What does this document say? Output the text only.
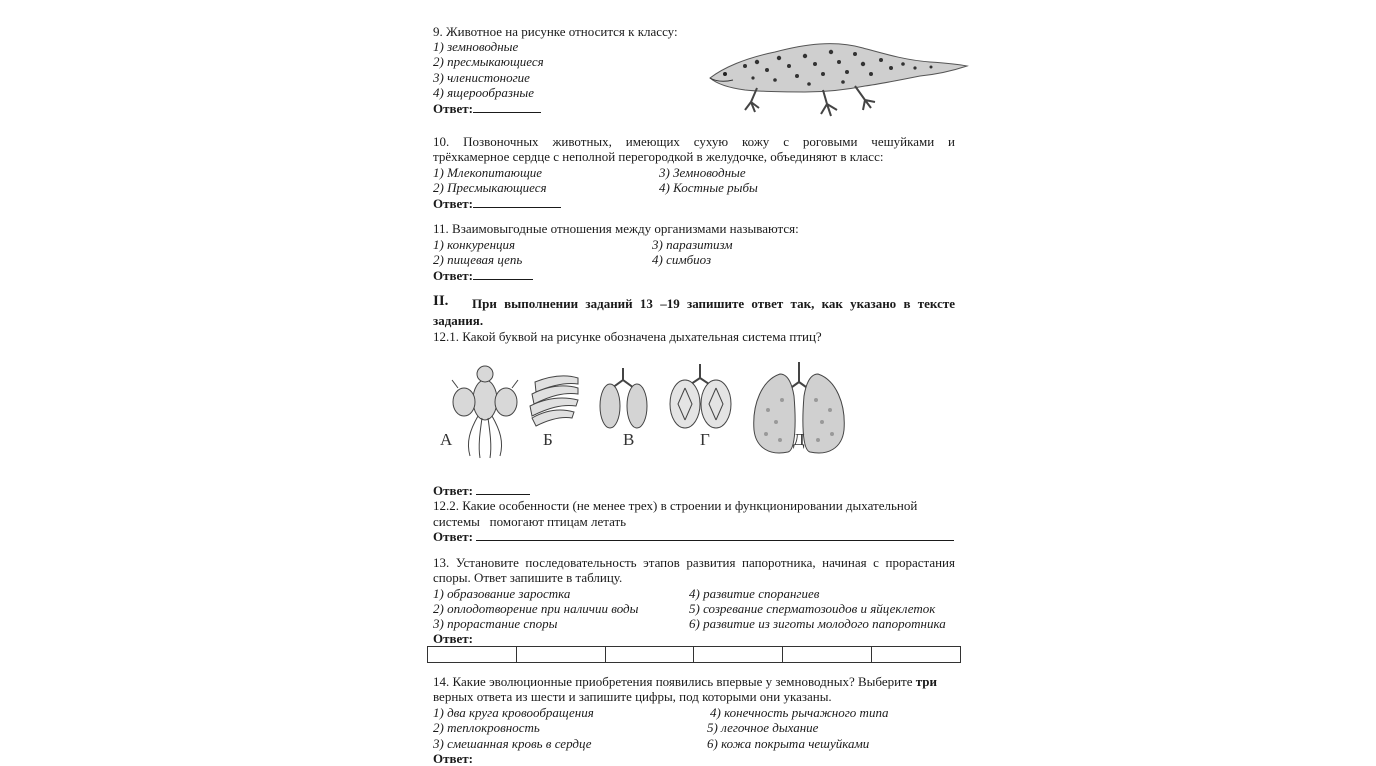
9. Животное на рисунке относится к классу:
1) земноводные
2) пресмыкающиеся
3) членистоногие
4) ящерообразные
Ответ:
10. Позвоночных животных, имеющих сухую кожу с роговыми чешуйками и
трёхкамерное сердце с неполной перегородкой в желудочке, объединяют в класс:
1) Млекопитающие
2) Пресмыкающиеся
3) Земноводные
4) Костные рыбы
Ответ:
11. Взаимовыгодные отношения между организмами называются:
1) конкуренция
2) пищевая цепь
3) паразитизм
4) симбиоз
Ответ:
II. При выполнении заданий 13 –19 запишите ответ так, как указано в тексте
задания.
12.1. Какой буквой на рисунке обозначена дыхательная система птиц?
А	Б	В	Г	Д
Ответ:
12.2. Какие особенности (не менее трех) в строении и функционировании дыхательной
системы   помогают птицам летать
Ответ:
13. Установите последовательность этапов развития папоротника, начиная с прорастания
споры. Ответ запишите в таблицу.
1) образование заростка
2) оплодотворение при наличии воды
3) прорастание споры
4) развитие спорангиев
5) созревание сперматозоидов и яйцеклеток
6) развитие из зиготы молодого папоротника
Ответ:

14. Какие эволюционные приобретения появились впервые у земноводных? Выберите три
верных ответа из шести и запишите цифры, под которыми они указаны.
1) два круга кровообращения
2) теплокровность
3) смешанная кровь в сердце
4) конечность рычажного типа
5) легочное дыхание
6) кожа покрыта чешуйками
Ответ:
